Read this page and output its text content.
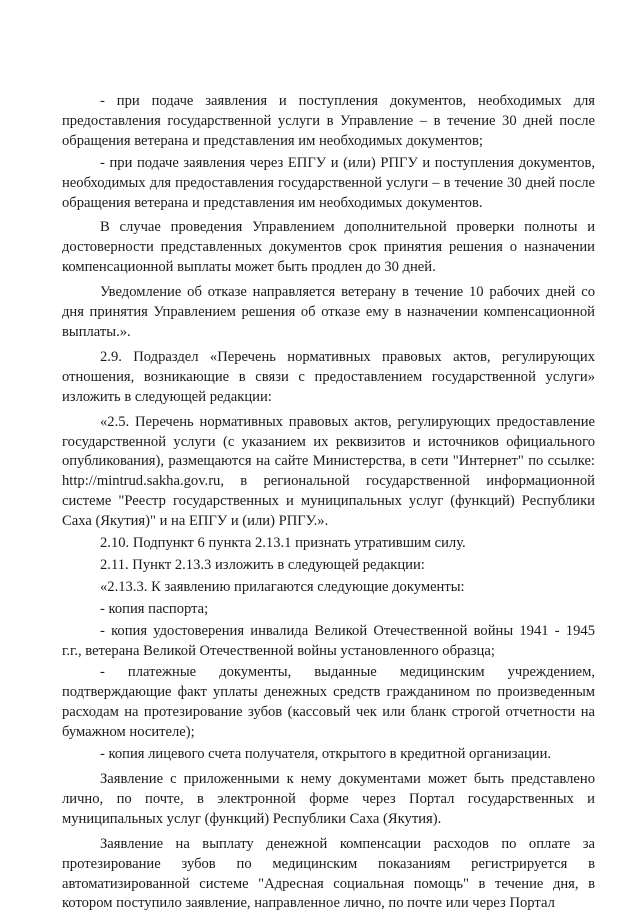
- при подаче заявления и поступления документов, необходимых для предоставления государственной услуги в Управление – в течение 30 дней после обращения ветерана и представления им необходимых документов;

- при подаче заявления через ЕПГУ и (или) РПГУ и поступления документов, необходимых для предоставления государственной услуги – в течение 30 дней после обращения ветерана и представления им необходимых документов.

В случае проведения Управлением дополнительной проверки полноты и достоверности представленных документов срок принятия решения о назначении компенсационной выплаты может быть продлен до 30 дней.

Уведомление об отказе направляется ветерану в течение 10 рабочих дней со дня принятия Управлением решения об отказе ему в назначении компенсационной выплаты.».

2.9. Подраздел «Перечень нормативных правовых актов, регулирующих отношения, возникающие в связи с предоставлением государственной услуги» изложить в следующей редакции:

«2.5. Перечень нормативных правовых актов, регулирующих предоставление государственной услуги (с указанием их реквизитов и источников официального опубликования), размещаются на сайте Министерства, в сети "Интернет" по ссылке: http://mintrud.sakha.gov.ru, в региональной государственной информационной системе "Реестр государственных и муниципальных услуг (функций) Республики Саха (Якутия)" и на ЕПГУ и (или) РПГУ.».

2.10. Подпункт 6 пункта 2.13.1 признать утратившим силу.

2.11. Пункт 2.13.3 изложить в следующей редакции:

«2.13.3. К заявлению прилагаются следующие документы:

- копия паспорта;

- копия удостоверения инвалида Великой Отечественной войны 1941 - 1945 г.г., ветерана Великой Отечественной войны установленного образца;

- платежные документы, выданные медицинским учреждением, подтверждающие факт уплаты денежных средств гражданином по произведенным расходам на протезирование зубов (кассовый чек или бланк строгой отчетности на бумажном носителе);

- копия лицевого счета получателя, открытого в кредитной организации.

Заявление с приложенными к нему документами может быть представлено лично, по почте, в электронной форме через Портал государственных и муниципальных услуг (функций) Республики Саха (Якутия).

Заявление на выплату денежной компенсации расходов по оплате за протезирование зубов по медицинским показаниям регистрируется в автоматизированной системе "Адресная социальная помощь" в течение дня, в котором поступило заявление, направленное лично, по почте или через Портал
